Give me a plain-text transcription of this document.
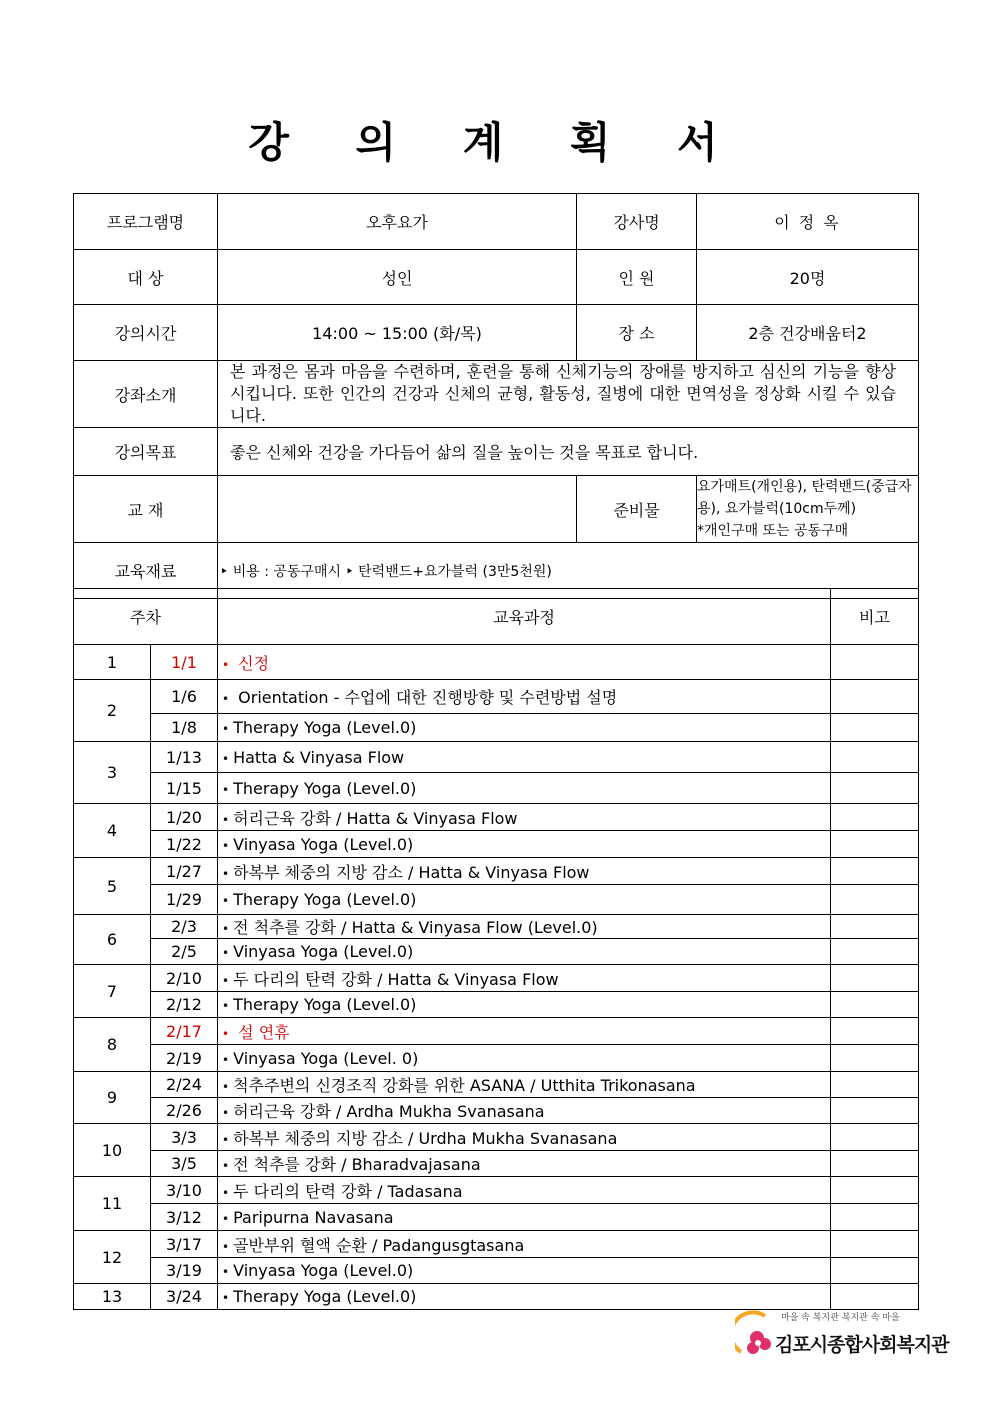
강 의 계 획 서
프로그램명	오후요가	강사명	이 정 옥
대 상	성인	인 원	20명
강의시간	14:00 ~ 15:00 (화/목)	장 소	2층 건강배움터2
강좌소개	본 과정은 몸과 마음을 수련하며, 훈련을 통해 신체기능의 장애를 방지하고 심신의 기능을 향상시킵니다. 또한 인간의 건강과 신체의 균형, 활동성, 질병에 대한 면역성을 정상화 시킬 수 있습니다.		
강의목표	좋은 신체와 건강을 가다듬어 삶의 질을 높이는 것을 목표로 합니다.		
교 재		준비물	요가매트(개인용), 탄력밴드(중급자용), 요가블럭(10cm두께)
*개인구매 또는 공동구매

교육재료	‣ 비용 : 공동구매시 ‣ 탄력밴드+요가블럭 (3만5천원)		
주차		교육과정	비고
1	1/1	• 신정	
2	1/6	• Orientation - 수업에 대한 진행방향 및 수련방법 설명	
	1/8	• Therapy Yoga (Level.0)	
3	1/13	• Hatta & Vinyasa Flow	
	1/15	• Therapy Yoga (Level.0)	
4	1/20	• 허리근육 강화 / Hatta & Vinyasa Flow	
	1/22	• Vinyasa Yoga (Level.0)	
5	1/27	• 하복부 체중의 지방 감소 / Hatta & Vinyasa Flow	
	1/29	• Therapy Yoga (Level.0)	
6	2/3	• 전 척추를 강화 / Hatta & Vinyasa Flow (Level.0)	
	2/5	• Vinyasa Yoga (Level.0)	
7	2/10	• 두 다리의 탄력 강화 / Hatta & Vinyasa Flow	
	2/12	• Therapy Yoga (Level.0)	
8	2/17	• 설 연휴	
	2/19	• Vinyasa Yoga (Level. 0)	
9	2/24	• 척추주변의 신경조직 강화를 위한 ASANA / Utthita Trikonasana	
	2/26	• 허리근육 강화 / Ardha Mukha Svanasana	
10	3/3	• 하복부 체중의 지방 감소 / Urdha Mukha Svanasana	
	3/5	• 전 척추를 강화 / Bharadvajasana	
11	3/10	• 두 다리의 탄력 강화 / Tadasana	
	3/12	• Paripurna Navasana	
12	3/17	• 골반부위 혈액 순환 / Padangusgtasana	
	3/19	• Vinyasa Yoga (Level.0)	
13	3/24	• Therapy Yoga (Level.0)	
마을 속 복지관 복지관 속 마을
김포시종합사회복지관
